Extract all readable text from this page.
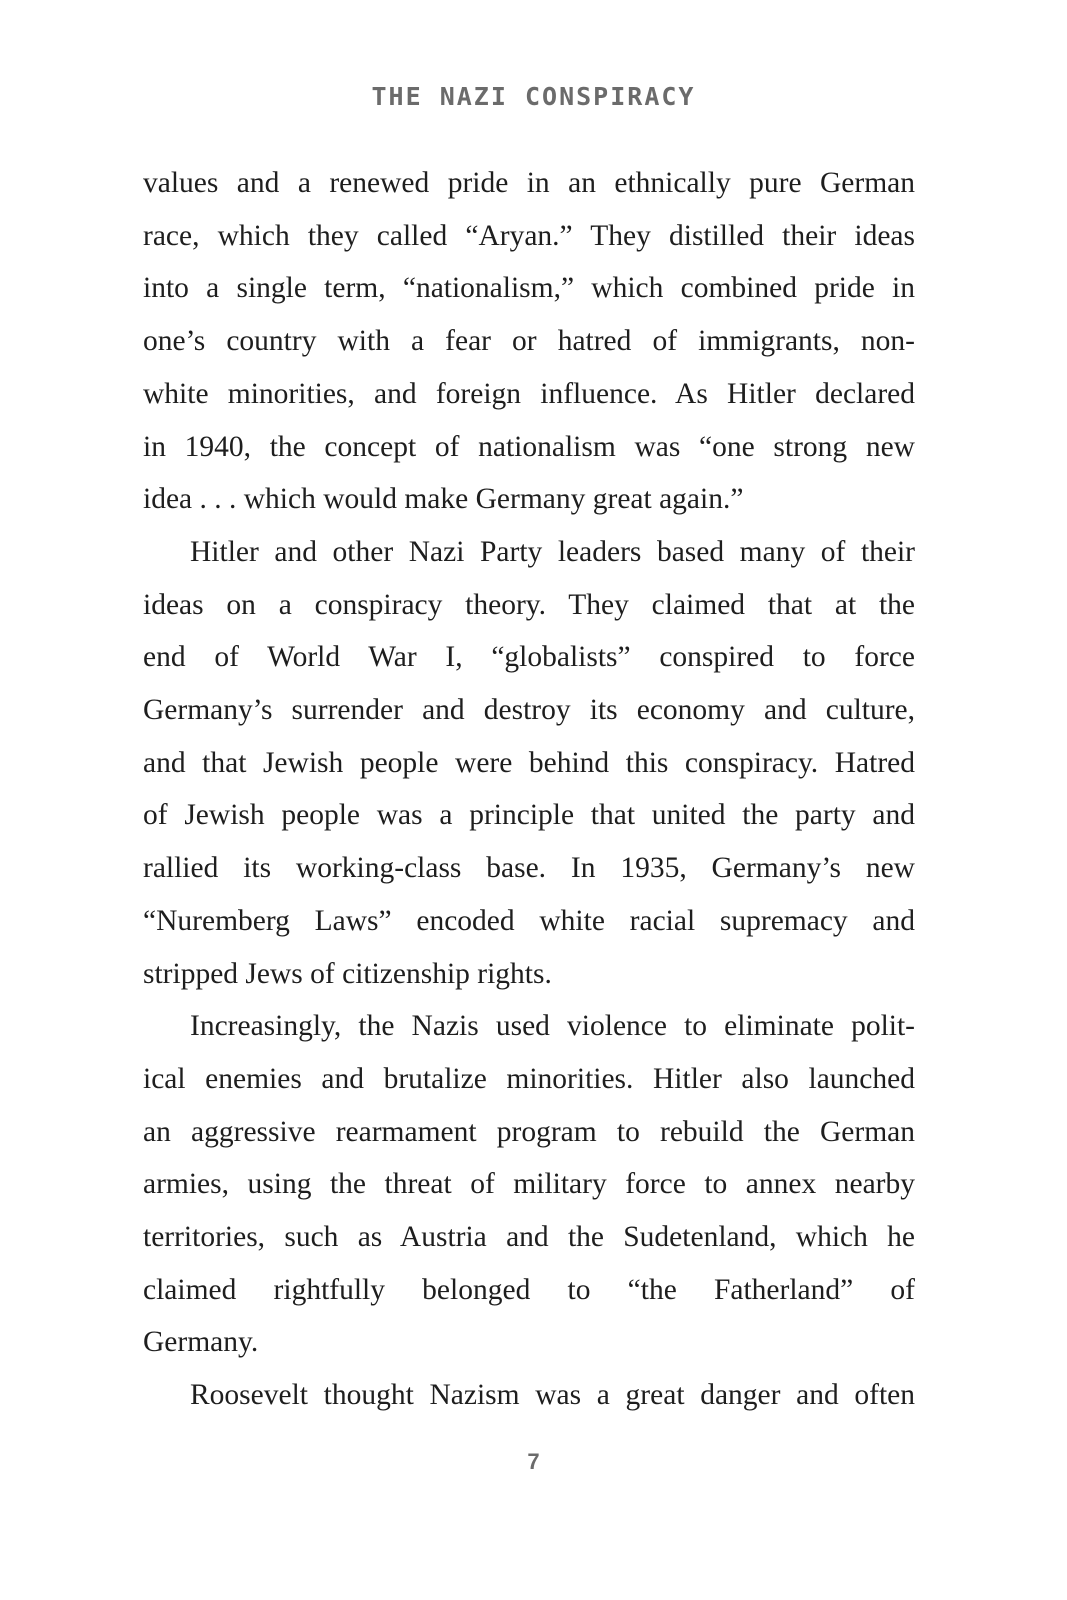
THE NAZI CONSPIRACY
values and a renewed pride in an ethnically pure German
race, which they called “Aryan.” They distilled their ideas
into a single term, “nationalism,” which combined pride in
one’s country with a fear or hatred of immigrants, non-
white minorities, and foreign influence. As Hitler declared
in 1940, the concept of nationalism was “one strong new
idea . . . which would make Germany great again.”
Hitler and other Nazi Party leaders based many of their
ideas on a conspiracy theory. They claimed that at the
end of World War I, “globalists” conspired to force
Germany’s surrender and destroy its economy and culture,
and that Jewish people were behind this conspiracy. Hatred
of Jewish people was a principle that united the party and
rallied its working-class base. In 1935, Germany’s new
“Nuremberg Laws” encoded white racial supremacy and
stripped Jews of citizenship rights.
Increasingly, the Nazis used violence to eliminate polit-
ical enemies and brutalize minorities. Hitler also launched
an aggressive rearmament program to rebuild the German
armies, using the threat of military force to annex nearby
territories, such as Austria and the Sudetenland, which he
claimed rightfully belonged to “the Fatherland” of
Germany.
Roosevelt thought Nazism was a great danger and often
7
